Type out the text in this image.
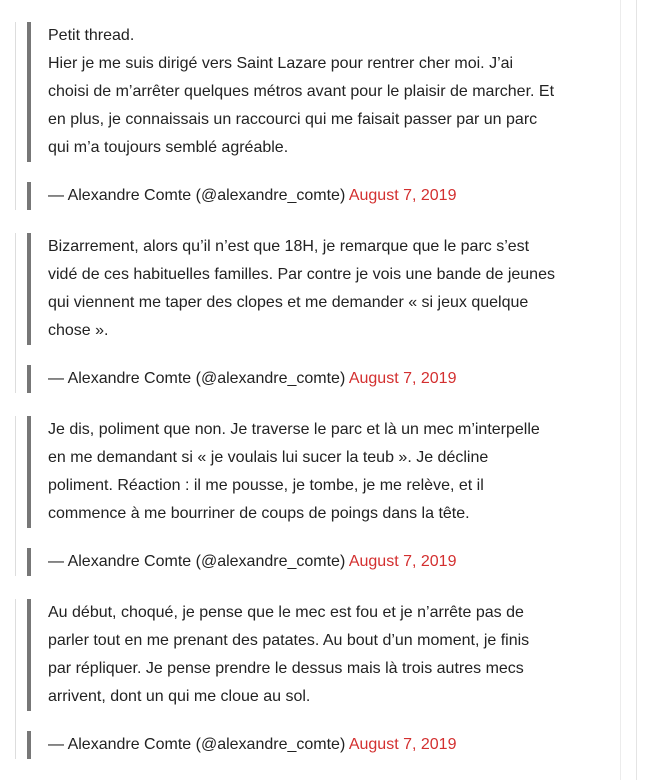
Petit thread.
Hier je me suis dirigé vers Saint Lazare pour rentrer cher moi. J’ai
choisi de m’arrêter quelques métros avant pour le plaisir de marcher. Et
en plus, je connaissais un raccourci qui me faisait passer par un parc
qui m’a toujours semblé agréable.

— Alexandre Comte (@alexandre_comte) August 7, 2019

Bizarrement, alors qu’il n’est que 18H, je remarque que le parc s’est
vidé de ces habituelles familles. Par contre je vois une bande de jeunes
qui viennent me taper des clopes et me demander « si jeux quelque
chose ».

— Alexandre Comte (@alexandre_comte) August 7, 2019

Je dis, poliment que non. Je traverse le parc et là un mec m’interpelle
en me demandant si « je voulais lui sucer la teub ». Je décline
poliment. Réaction : il me pousse, je tombe, je me relève, et il
commence à me bourriner de coups de poings dans la tête.

— Alexandre Comte (@alexandre_comte) August 7, 2019

Au début, choqué, je pense que le mec est fou et je n’arrête pas de
parler tout en me prenant des patates. Au bout d’un moment, je finis
par répliquer. Je pense prendre le dessus mais là trois autres mecs
arrivent, dont un qui me cloue au sol.

— Alexandre Comte (@alexandre_comte) August 7, 2019
